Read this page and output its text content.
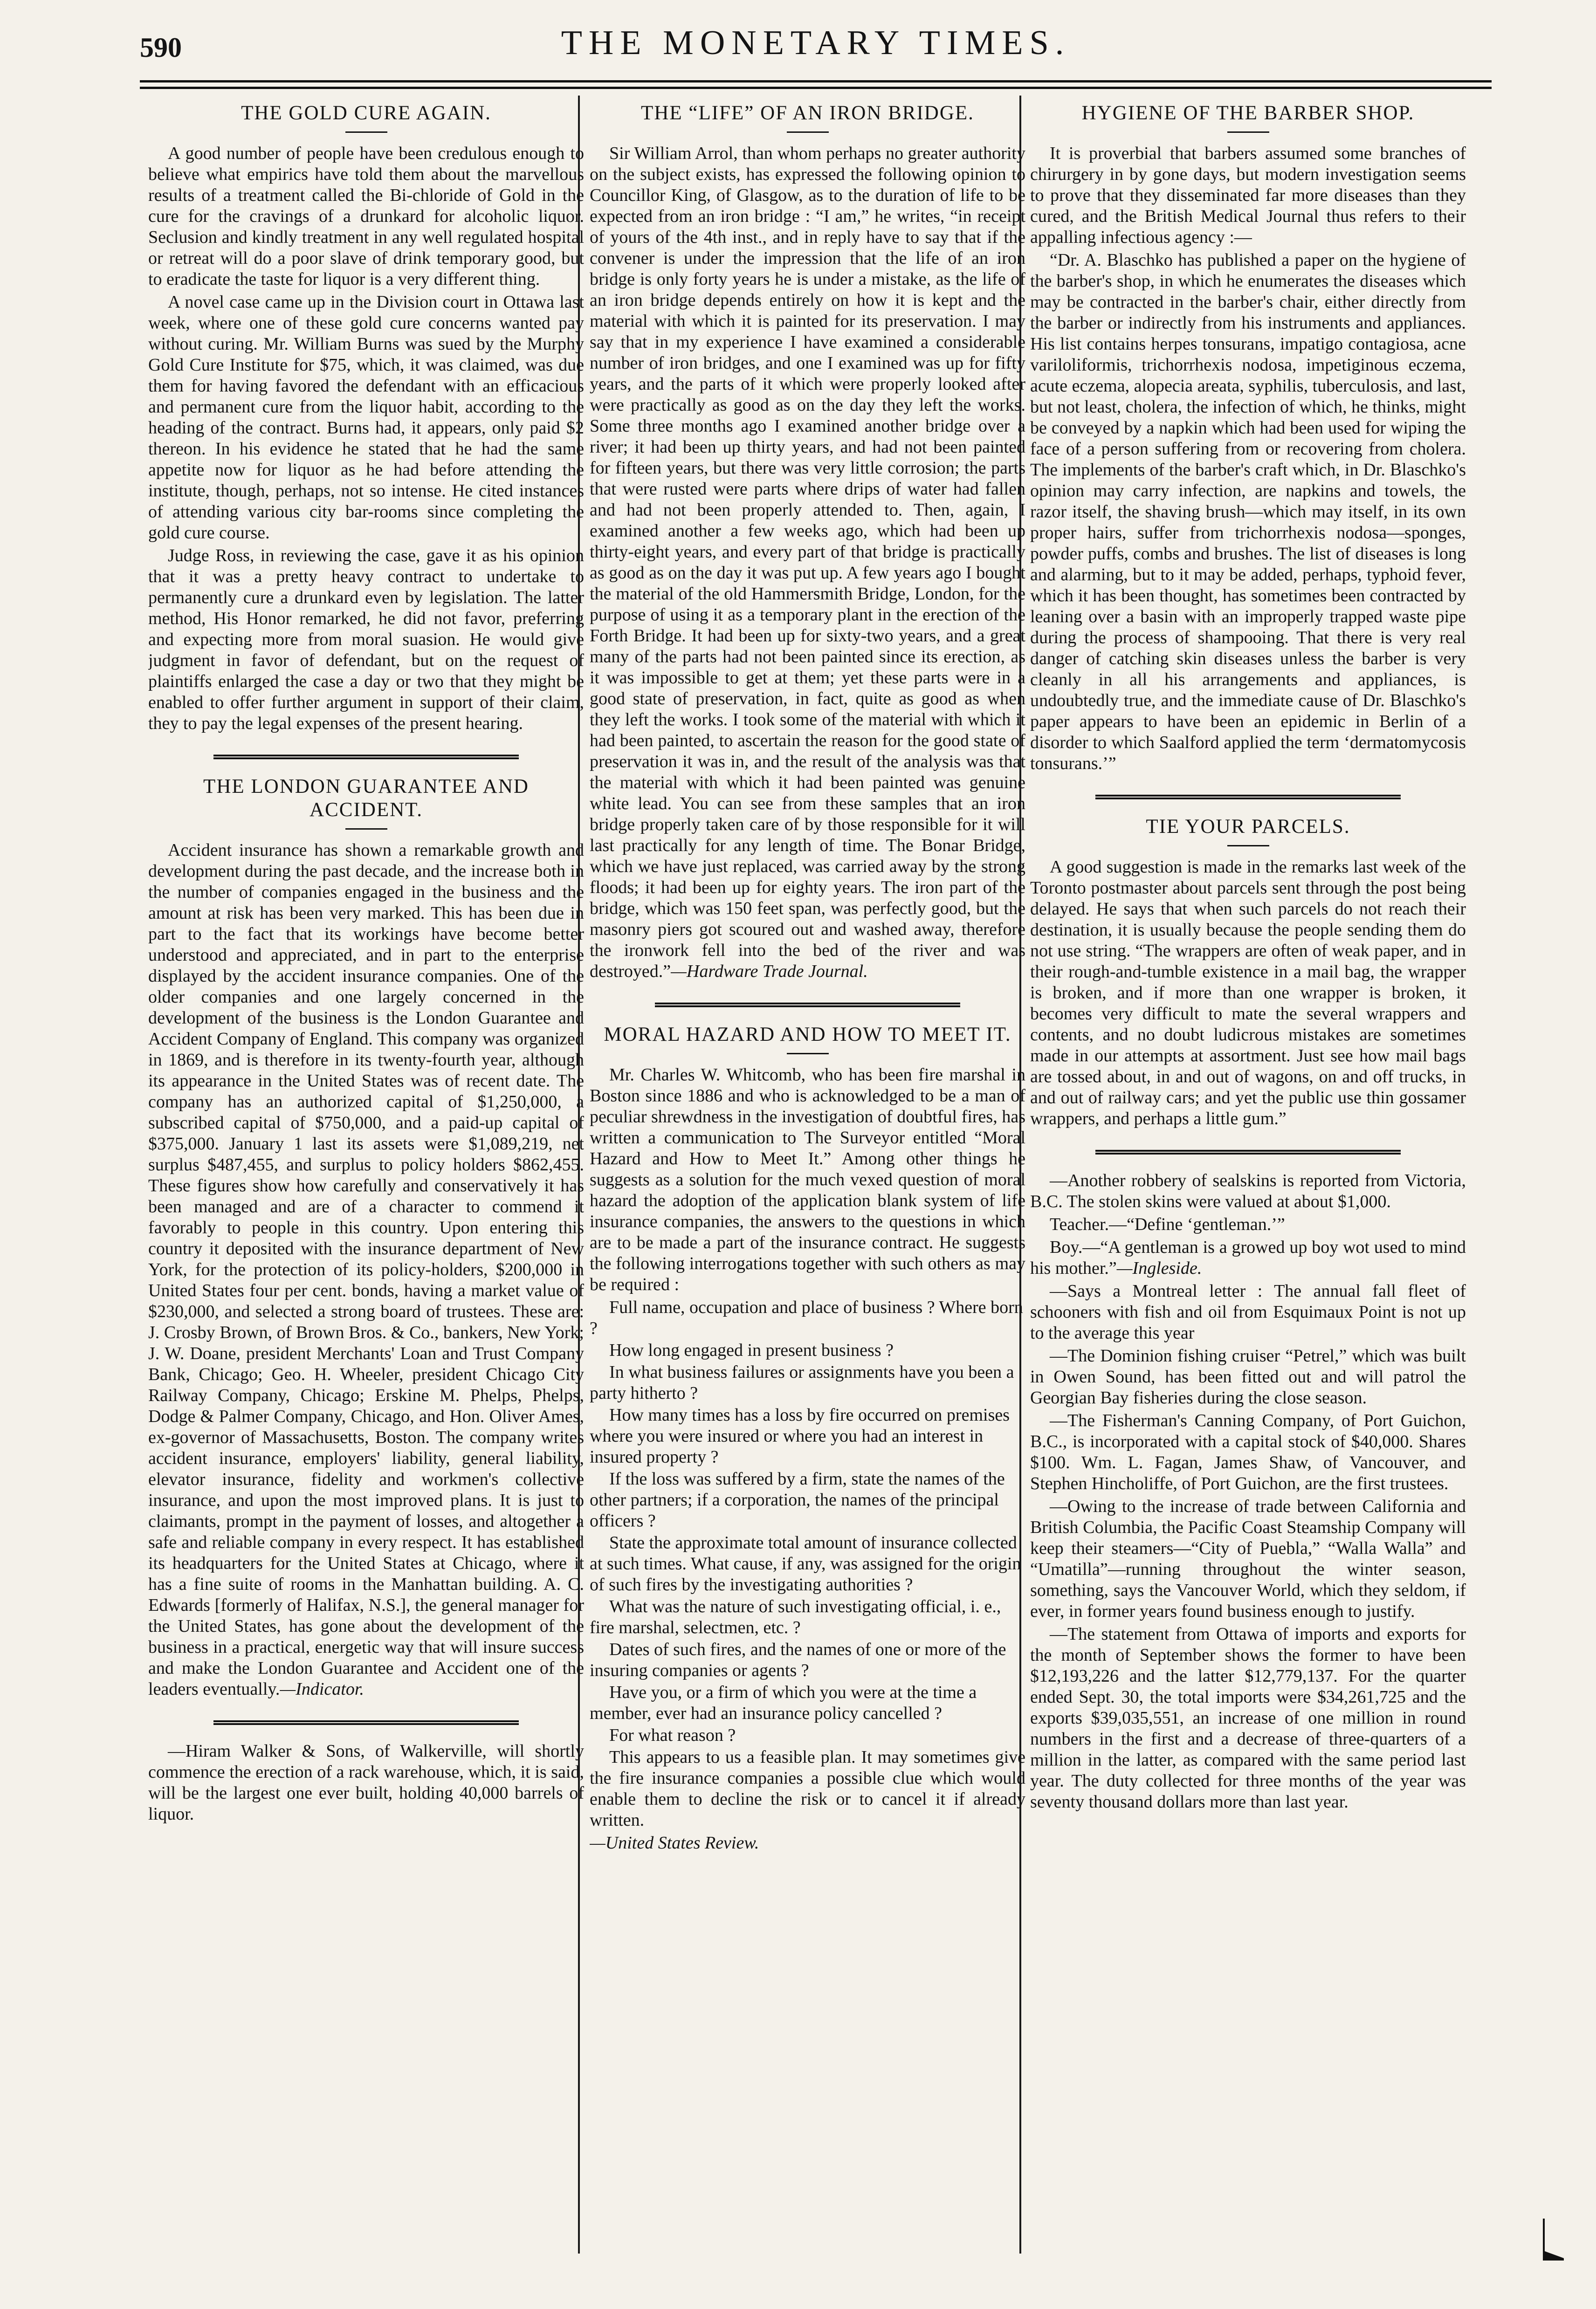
590	THE MONETARY TIMES.
THE GOLD CURE AGAIN.

A good number of people have been credulous enough to believe what empirics have told them about the marvellous results of a treatment called the Bi-chloride of Gold in the cure for the cravings of a drunkard for alcoholic liquor. Seclusion and kindly treatment in any well regulated hospital or retreat will do a poor slave of drink temporary good, but to eradicate the taste for liquor is a very different thing.

A novel case came up in the Division court in Ottawa last week, where one of these gold cure concerns wanted pay without curing. Mr. William Burns was sued by the Murphy Gold Cure Institute for $75, which, it was claimed, was due them for having favored the defendant with an efficacious and permanent cure from the liquor habit, according to the heading of the contract. Burns had, it appears, only paid $2 thereon. In his evidence he stated that he had the same appetite now for liquor as he had before attending the institute, though, perhaps, not so intense. He cited instances of attending various city bar-rooms since completing the gold cure course.

Judge Ross, in reviewing the case, gave it as his opinion that it was a pretty heavy contract to undertake to permanently cure a drunkard even by legislation. The latter method, His Honor remarked, he did not favor, preferring and expecting more from moral suasion. He would give judgment in favor of defendant, but on the request of plaintiffs enlarged the case a day or two that they might be enabled to offer further argument in support of their claim, they to pay the legal expenses of the present hearing.

THE LONDON GUARANTEE AND ACCIDENT.

Accident insurance has shown a remarkable growth and development during the past decade, and the increase both in the number of companies engaged in the business and the amount at risk has been very marked. This has been due in part to the fact that its workings have become better understood and appreciated, and in part to the enterprise displayed by the accident insurance companies. One of the older companies and one largely concerned in the development of the business is the London Guarantee and Accident Company of England. This company was organized in 1869, and is therefore in its twenty-fourth year, although its appearance in the United States was of recent date. The company has an authorized capital of $1,250,000, a subscribed capital of $750,000, and a paid-up capital of $375,000. January 1 last its assets were $1,089,219, net surplus $487,455, and surplus to policy holders $862,455. These figures show how carefully and conservatively it has been managed and are of a character to commend it favorably to people in this country. Upon entering this country it deposited with the insurance department of New York, for the protection of its policy-holders, $200,000 in United States four per cent. bonds, having a market value of $230,000, and selected a strong board of trustees. These are: J. Crosby Brown, of Brown Bros. & Co., bankers, New York; J. W. Doane, president Merchants' Loan and Trust Company Bank, Chicago; Geo. H. Wheeler, president Chicago City Railway Company, Chicago; Erskine M. Phelps, Phelps, Dodge & Palmer Company, Chicago, and Hon. Oliver Ames, ex-governor of Massachusetts, Boston. The company writes accident insurance, employers' liability, general liability, elevator insurance, fidelity and workmen's collective insurance, and upon the most improved plans. It is just to claimants, prompt in the payment of losses, and altogether a safe and reliable company in every respect. It has established its headquarters for the United States at Chicago, where it has a fine suite of rooms in the Manhattan building. A. C. Edwards [formerly of Halifax, N.S.], the general manager for the United States, has gone about the development of the business in a practical, energetic way that will insure success and make the London Guarantee and Accident one of the leaders eventually.—Indicator.

—Hiram Walker & Sons, of Walkerville, will shortly commence the erection of a rack warehouse, which, it is said, will be the largest one ever built, holding 40,000 barrels of liquor.

THE “LIFE” OF AN IRON BRIDGE.

Sir William Arrol, than whom perhaps no greater authority on the subject exists, has expressed the following opinion to Councillor King, of Glasgow, as to the duration of life to be expected from an iron bridge : “I am,” he writes, “in receipt of yours of the 4th inst., and in reply have to say that if the convener is under the impression that the life of an iron bridge is only forty years he is under a mistake, as the life of an iron bridge depends entirely on how it is kept and the material with which it is painted for its preservation. I may say that in my experience I have examined a considerable number of iron bridges, and one I examined was up for fifty years, and the parts of it which were properly looked after were practically as good as on the day they left the works. Some three months ago I examined another bridge over a river; it had been up thirty years, and had not been painted for fifteen years, but there was very little corrosion; the parts that were rusted were parts where drips of water had fallen and had not been properly attended to. Then, again, I examined another a few weeks ago, which had been up thirty-eight years, and every part of that bridge is practically as good as on the day it was put up. A few years ago I bought the material of the old Hammersmith Bridge, London, for the purpose of using it as a temporary plant in the erection of the Forth Bridge. It had been up for sixty-two years, and a great many of the parts had not been painted since its erection, as it was impossible to get at them; yet these parts were in a good state of preservation, in fact, quite as good as when they left the works. I took some of the material with which it had been painted, to ascertain the reason for the good state of preservation it was in, and the result of the analysis was that the material with which it had been painted was genuine white lead. You can see from these samples that an iron bridge properly taken care of by those responsible for it will last practically for any length of time. The Bonar Bridge, which we have just replaced, was carried away by the strong floods; it had been up for eighty years. The iron part of the bridge, which was 150 feet span, was perfectly good, but the masonry piers got scoured out and washed away, therefore the ironwork fell into the bed of the river and was destroyed.”—Hardware Trade Journal.

MORAL HAZARD AND HOW TO MEET IT.

Mr. Charles W. Whitcomb, who has been fire marshal in Boston since 1886 and who is acknowledged to be a man of peculiar shrewdness in the investigation of doubtful fires, has written a communication to The Surveyor entitled “Moral Hazard and How to Meet It.” Among other things he suggests as a solution for the much vexed question of moral hazard the adoption of the application blank system of life insurance companies, the answers to the questions in which are to be made a part of the insurance contract. He suggests the following interrogations together with such others as may be required :

Full name, occupation and place of business ? Where born ?

How long engaged in present business ?

In what business failures or assignments have you been a party hitherto ?

How many times has a loss by fire occurred on premises where you were insured or where you had an interest in insured property ?

If the loss was suffered by a firm, state the names of the other partners; if a corporation, the names of the principal officers ?

State the approximate total amount of insurance collected at such times. What cause, if any, was assigned for the origin of such fires by the investigating authorities ?

What was the nature of such investigating official, i. e., fire marshal, selectmen, etc. ?

Dates of such fires, and the names of one or more of the insuring companies or agents ?

Have you, or a firm of which you were at the time a member, ever had an insurance policy cancelled ?

For what reason ?

This appears to us a feasible plan. It may sometimes give the fire insurance companies a possible clue which would enable them to decline the risk or to cancel it if already written.

—United States Review.

HYGIENE OF THE BARBER SHOP.

It is proverbial that barbers assumed some branches of chirurgery in by gone days, but modern investigation seems to prove that they disseminated far more diseases than they cured, and the British Medical Journal thus refers to their appalling infectious agency :—

“Dr. A. Blaschko has published a paper on the hygiene of the barber's shop, in which he enumerates the diseases which may be contracted in the barber's chair, either directly from the barber or indirectly from his instruments and appliances. His list contains herpes tonsurans, impatigo contagiosa, acne variloliformis, trichorrhexis nodosa, impetiginous eczema, acute eczema, alopecia areata, syphilis, tuberculosis, and last, but not least, cholera, the infection of which, he thinks, might be conveyed by a napkin which had been used for wiping the face of a person suffering from or recovering from cholera. The implements of the barber's craft which, in Dr. Blaschko's opinion may carry infection, are napkins and towels, the razor itself, the shaving brush—which may itself, in its own proper hairs, suffer from trichorrhexis nodosa—sponges, powder puffs, combs and brushes. The list of diseases is long and alarming, but to it may be added, perhaps, typhoid fever, which it has been thought, has sometimes been contracted by leaning over a basin with an improperly trapped waste pipe during the process of shampooing. That there is very real danger of catching skin diseases unless the barber is very cleanly in all his arrangements and appliances, is undoubtedly true, and the immediate cause of Dr. Blaschko's paper appears to have been an epidemic in Berlin of a disorder to which Saalford applied the term ‘dermatomycosis tonsurans.’”

TIE YOUR PARCELS.

A good suggestion is made in the remarks last week of the Toronto postmaster about parcels sent through the post being delayed. He says that when such parcels do not reach their destination, it is usually because the people sending them do not use string. “The wrappers are often of weak paper, and in their rough-and-tumble existence in a mail bag, the wrapper is broken, and if more than one wrapper is broken, it becomes very difficult to mate the several wrappers and contents, and no doubt ludicrous mistakes are sometimes made in our attempts at assortment. Just see how mail bags are tossed about, in and out of wagons, on and off trucks, in and out of railway cars; and yet the public use thin gossamer wrappers, and perhaps a little gum.”

—Another robbery of sealskins is reported from Victoria, B.C. The stolen skins were valued at about $1,000.

Teacher.—“Define ‘gentleman.’”

Boy.—“A gentleman is a growed up boy wot used to mind his mother.”—Ingleside.

—Says a Montreal letter : The annual fall fleet of schooners with fish and oil from Esquimaux Point is not up to the average this year

—The Dominion fishing cruiser “Petrel,” which was built in Owen Sound, has been fitted out and will patrol the Georgian Bay fisheries during the close season.

—The Fisherman's Canning Company, of Port Guichon, B.C., is incorporated with a capital stock of $40,000. Shares $100. Wm. L. Fagan, James Shaw, of Vancouver, and Stephen Hincholiffe, of Port Guichon, are the first trustees.

—Owing to the increase of trade between California and British Columbia, the Pacific Coast Steamship Company will keep their steamers—“City of Puebla,” “Walla Walla” and “Umatilla”—running throughout the winter season, something, says the Vancouver World, which they seldom, if ever, in former years found business enough to justify.

—The statement from Ottawa of imports and exports for the month of September shows the former to have been $12,193,226 and the latter $12,779,137. For the quarter ended Sept. 30, the total imports were $34,261,725 and the exports $39,035,551, an increase of one million in round numbers in the first and a decrease of three-quarters of a million in the latter, as compared with the same period last year. The duty collected for three months of the year was seventy thousand dollars more than last year.
